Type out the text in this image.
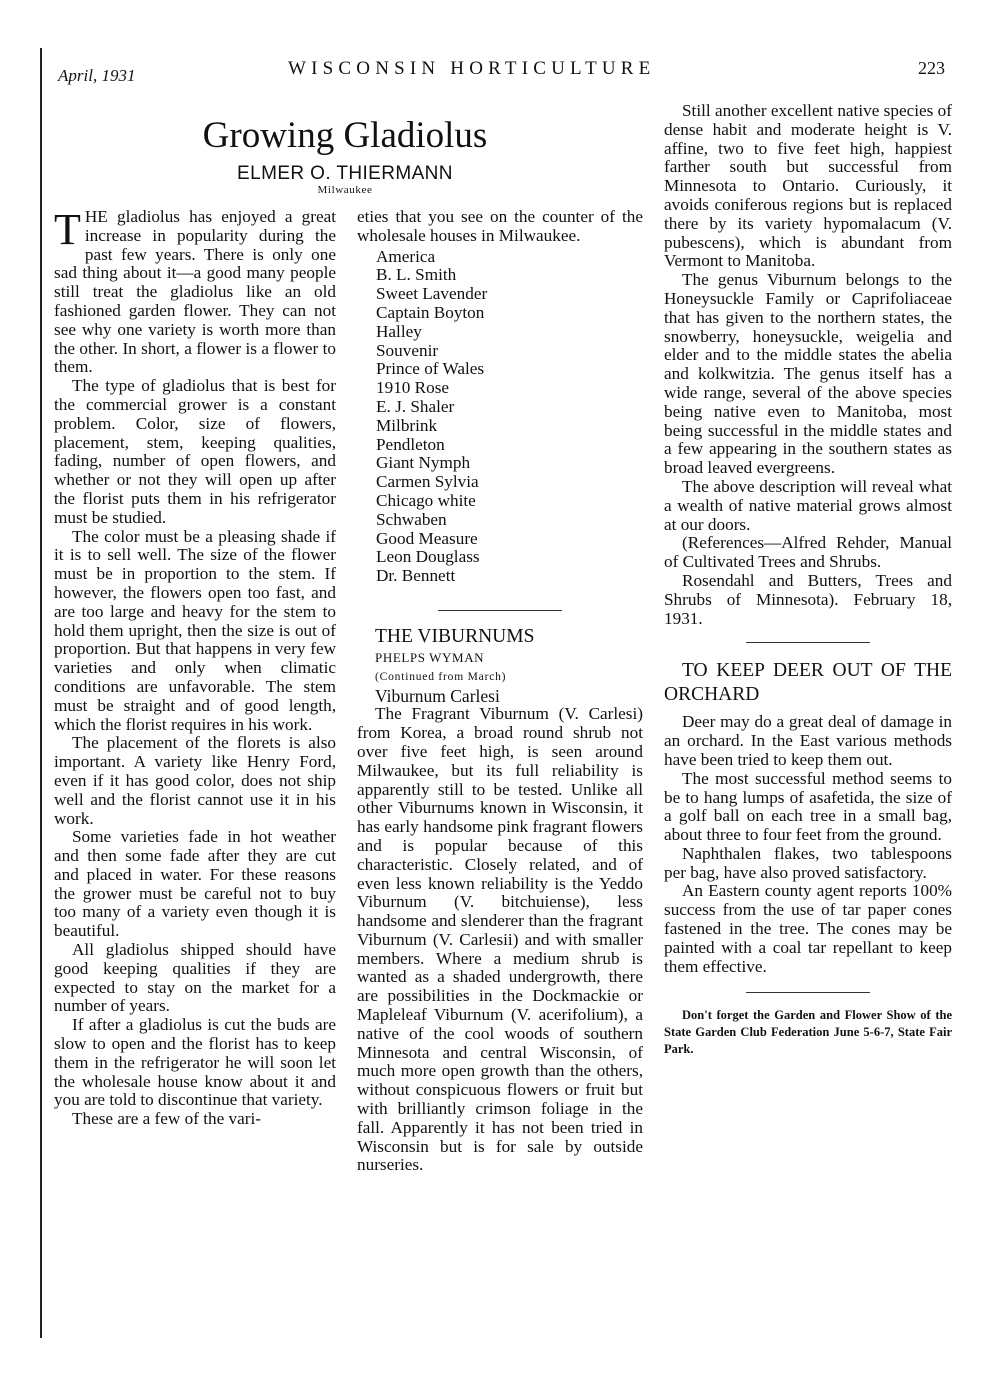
April, 1931	WISCONSIN HORTICULTURE	223
Growing Gladiolus
ELMER O. THIERMANN
Milwaukee

THE gladiolus has enjoyed a great increase in popularity during the past few years. There is only one sad thing about it—a good many people still treat the gladiolus like an old fashioned garden flower. They can not see why one variety is worth more than the other. In short, a flower is a flower to them.

The type of gladiolus that is best for the commercial grower is a constant problem. Color, size of flowers, placement, stem, keeping qualities, fading, number of open flowers, and whether or not they will open up after the florist puts them in his refrigerator must be studied.

The color must be a pleasing shade if it is to sell well. The size of the flower must be in proportion to the stem. If however, the flowers open too fast, and are too large and heavy for the stem to hold them upright, then the size is out of proportion. But that happens in very few varieties and only when climatic conditions are unfavorable. The stem must be straight and of good length, which the florist requires in his work.

The placement of the florets is also important. A variety like Henry Ford, even if it has good color, does not ship well and the florist cannot use it in his work.

Some varieties fade in hot weather and then some fade after they are cut and placed in water. For these reasons the grower must be careful not to buy too many of a variety even though it is beautiful.

All gladiolus shipped should have good keeping qualities if they are expected to stay on the market for a number of years.

If after a gladiolus is cut the buds are slow to open and the florist has to keep them in the refrigerator he will soon let the wholesale house know about it and you are told to discontinue that variety.

These are a few of the vari-

eties that you see on the counter of the wholesale houses in Milwaukee.

America
B. L. Smith
Sweet Lavender
Captain Boyton
Halley
Souvenir
Prince of Wales
1910 Rose
E. J. Shaler
Milbrink
Pendleton
Giant Nymph
Carmen Sylvia
Chicago white
Schwaben
Good Measure
Leon Douglass
Dr. Bennett

THE VIBURNUMS

PHELPS WYMAN

(Continued from March)

Viburnum Carlesi

The Fragrant Viburnum (V. Carlesi) from Korea, a broad round shrub not over five feet high, is seen around Milwaukee, but its full reliability is apparently still to be tested. Unlike all other Viburnums known in Wisconsin, it has early handsome pink fragrant flowers and is popular because of this characteristic. Closely related, and of even less known reliability is the Yeddo Viburnum (V. bitchuiense), less handsome and slenderer than the fragrant Viburnum (V. Carlesii) and with smaller members. Where a medium shrub is wanted as a shaded undergrowth, there are possibilities in the Dockmackie or Mapleleaf Viburnum (V. acerifolium), a native of the cool woods of southern Minnesota and central Wisconsin, of much more open growth than the others, without conspicuous flowers or fruit but with brilliantly crimson foliage in the fall. Apparently it has not been tried in Wisconsin but is for sale by outside nurseries.

Still another excellent native species of dense habit and moderate height is V. affine, two to five feet high, happiest farther south but successful from Minnesota to Ontario. Curiously, it avoids coniferous regions but is replaced there by its variety hypomalacum (V. pubescens), which is abundant from Vermont to Manitoba.

The genus Viburnum belongs to the Honeysuckle Family or Caprifoliaceae that has given to the northern states, the snowberry, honeysuckle, weigelia and elder and to the middle states the abelia and kolkwitzia. The genus itself has a wide range, several of the above species being native even to Manitoba, most being successful in the middle states and a few appearing in the southern states as broad leaved evergreens.

The above description will reveal what a wealth of native material grows almost at our doors.

(References—Alfred Rehder, Manual of Cultivated Trees and Shrubs.

Rosendahl and Butters, Trees and Shrubs of Minnesota). February 18, 1931.

TO KEEP DEER OUT OF THE ORCHARD

Deer may do a great deal of damage in an orchard. In the East various methods have been tried to keep them out.

The most successful method seems to be to hang lumps of asafetida, the size of a golf ball on each tree in a small bag, about three to four feet from the ground.

Naphthalen flakes, two tablespoons per bag, have also proved satisfactory.

An Eastern county agent reports 100% success from the use of tar paper cones fastened in the tree. The cones may be painted with a coal tar repellant to keep them effective.

Don't forget the Garden and Flower Show of the State Garden Club Federation June 5-6-7, State Fair Park.
